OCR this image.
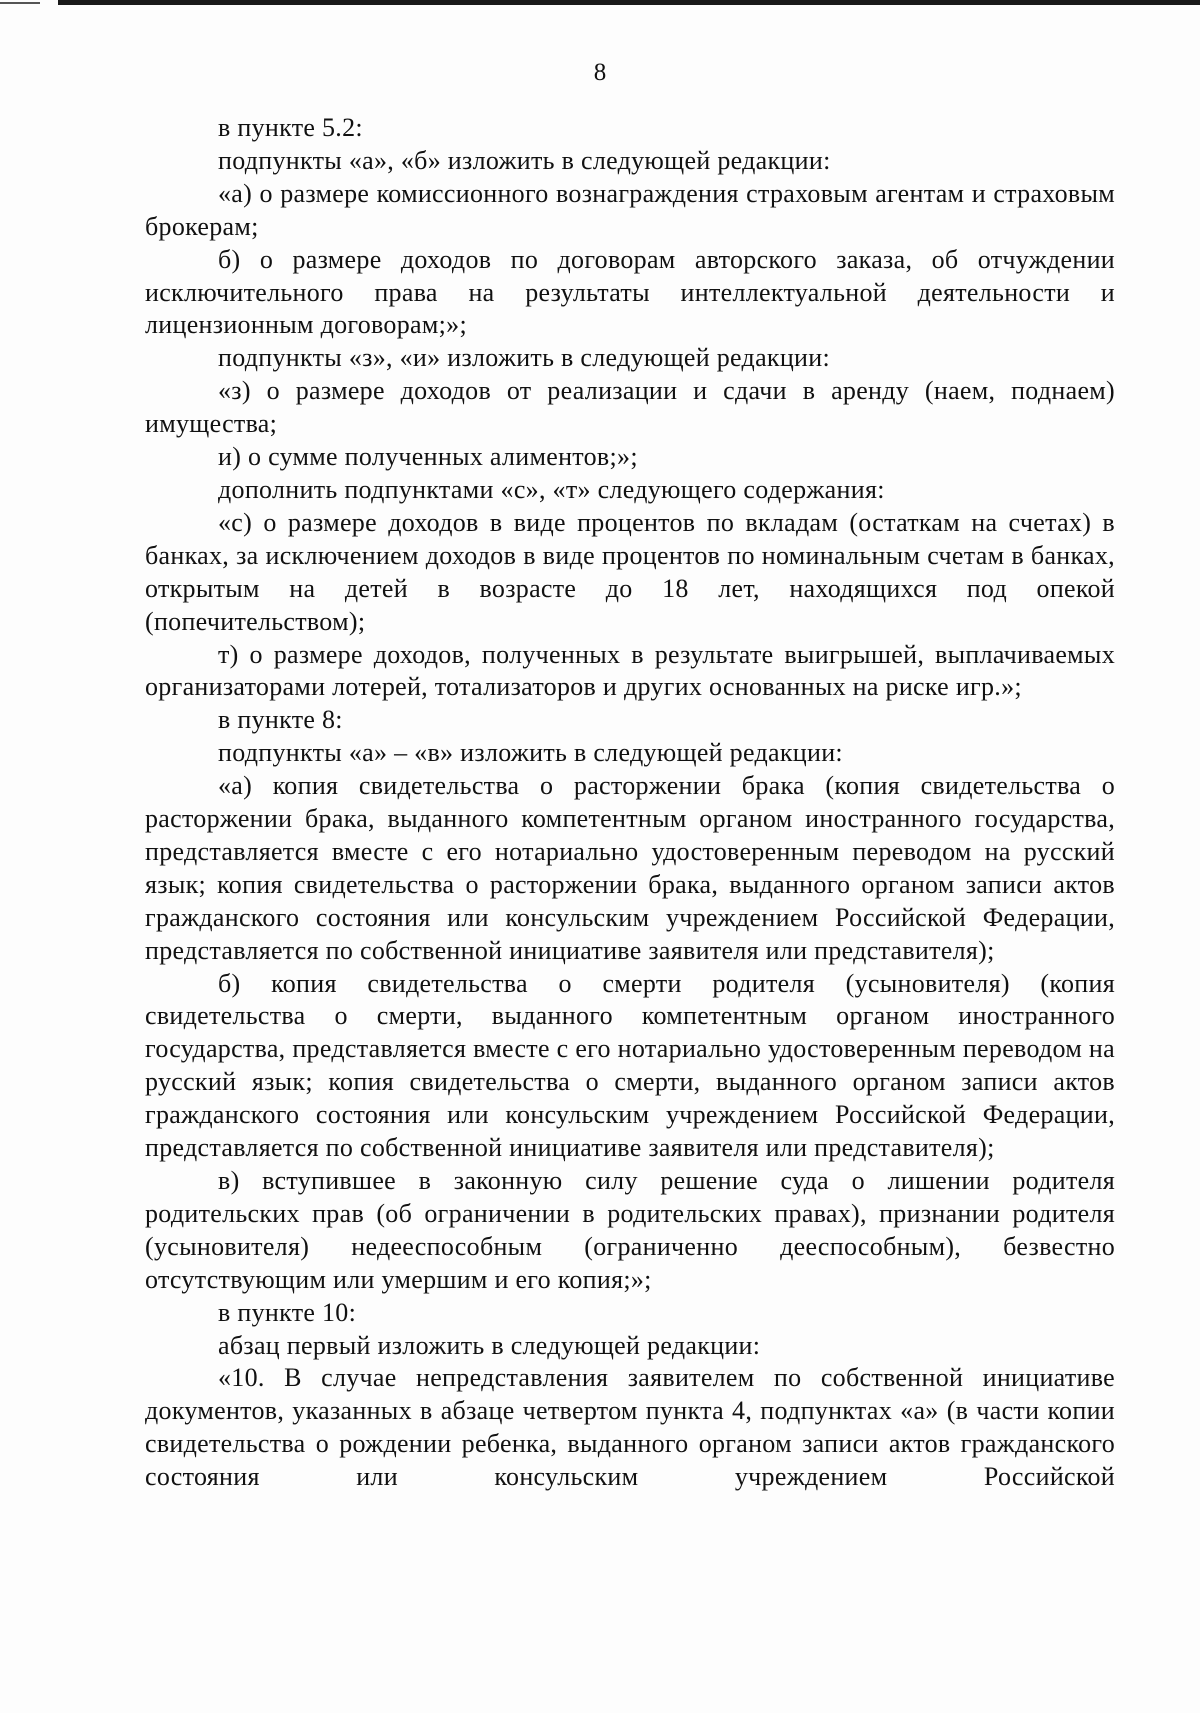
8

в пункте 5.2:

подпункты «а», «б» изложить в следующей редакции:

«а) о размере комиссионного вознаграждения страховым агентам и страховым брокерам;

б) о размере доходов по договорам авторского заказа, об отчуждении исключительного права на результаты интеллектуальной деятельности и лицензионным договорам;»;

подпункты «з», «и» изложить в следующей редакции:

«з) о размере доходов от реализации и сдачи в аренду (наем, поднаем) имущества;

и) о сумме полученных алиментов;»;

дополнить подпунктами «с», «т» следующего содержания:

«с) о размере доходов в виде процентов по вкладам (остаткам на счетах) в банках, за исключением доходов в виде процентов по номинальным счетам в банках, открытым на детей в возрасте до 18 лет, находящихся под опекой (попечительством);

т) о размере доходов, полученных в результате выигрышей, выплачиваемых организаторами лотерей, тотализаторов и других основанных на риске игр.»;

в пункте 8:

подпункты «а» – «в» изложить в следующей редакции:

«а) копия свидетельства о расторжении брака (копия свидетельства о расторжении брака, выданного компетентным органом иностранного государства, представляется вместе с его нотариально удостоверенным переводом на русский язык; копия свидетельства о расторжении брака, выданного органом записи актов гражданского состояния или консульским учреждением Российской Федерации, представляется по собственной инициативе заявителя или представителя);

б) копия свидетельства о смерти родителя (усыновителя) (копия свидетельства о смерти, выданного компетентным органом иностранного государства, представляется вместе с его нотариально удостоверенным переводом на русский язык; копия свидетельства о смерти, выданного органом записи актов гражданского состояния или консульским учреждением Российской Федерации, представляется по собственной инициативе заявителя или представителя);

в) вступившее в законную силу решение суда о лишении родителя родительских прав (об ограничении в родительских правах), признании родителя (усыновителя) недееспособным (ограниченно дееспособным), безвестно отсутствующим или умершим и его копия;»;

в пункте 10:

абзац первый изложить в следующей редакции:

«10. В случае непредставления заявителем по собственной инициативе документов, указанных в абзаце четвертом пункта 4, подпунктах «а» (в части копии свидетельства о рождении ребенка, выданного органом записи актов гражданского состояния или консульским учреждением Российской
